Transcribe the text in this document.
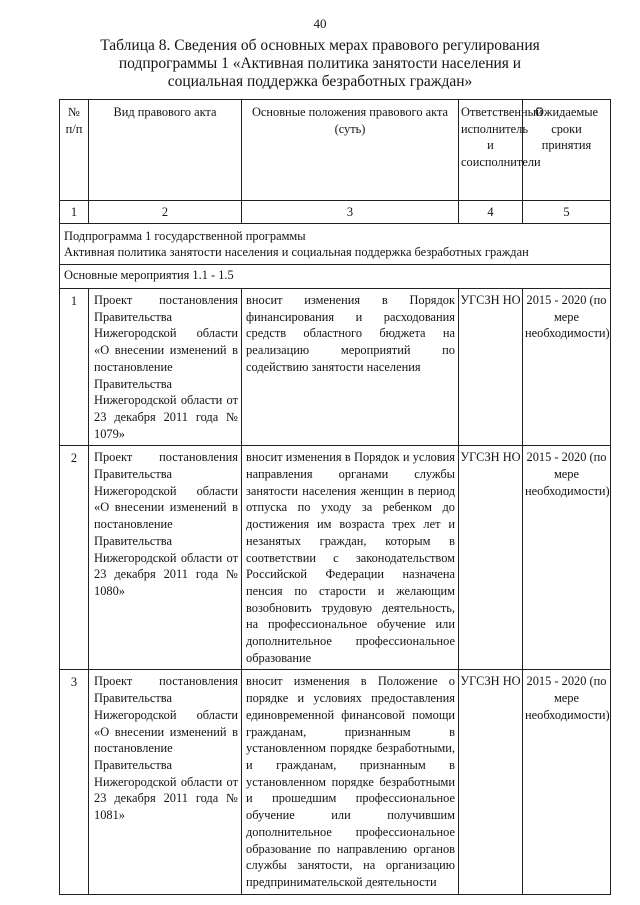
40
Таблица 8. Сведения об основных мерах правового регулирования подпрограммы 1 «Активная политика занятости населения и социальная поддержка безработных граждан»
№ п/п	Вид правового акта	Основные положения правового акта (суть)	Ответственный исполнитель и соисполнители	Ожидаемые сроки принятия
1	2	3	4	5

Подпрограмма 1 государственной программы
Активная политика занятости населения и социальная поддержка безработных граждан				

Основные мероприятия 1.1 - 1.5				
1	Проект постановления Правительства Нижегородской области «О внесении изменений в постановление Правительства Нижегородской области от 23 декабря 2011 года № 1079»	вносит изменения в Порядок финансирования и расходования средств областного бюджета на реализацию мероприятий по содействию занятости населения	УГСЗН НО	2015 - 2020 (по мере необходимости)
2	Проект постановления Правительства Нижегородской области «О внесении изменений в постановление Правительства Нижегородской области от 23 декабря 2011 года № 1080»	вносит изменения в Порядок и условия направления органами службы занятости населения женщин в период отпуска по уходу за ребенком до достижения им возраста трех лет и незанятых граждан, которым в соответствии с законодательством Российской Федерации назначена пенсия по старости и желающим возобновить трудовую деятельность, на профессиональное обучение или дополнительное профессиональное образование	УГСЗН НО	2015 - 2020 (по мере необходимости)
3	Проект постановления Правительства Нижегородской области «О внесении изменений в постановление Правительства Нижегородской области от 23 декабря 2011 года № 1081»	вносит изменения в Положение о порядке и условиях предоставления единовременной финансовой помощи гражданам, признанным в установленном порядке безработными, и гражданам, признанным в установленном порядке безработными и прошедшим профессиональное обучение или получившим дополнительное профессиональное образование по направлению органов службы занятости, на организацию предпринимательской деятельности	УГСЗН НО	2015 - 2020 (по мере необходимости)
